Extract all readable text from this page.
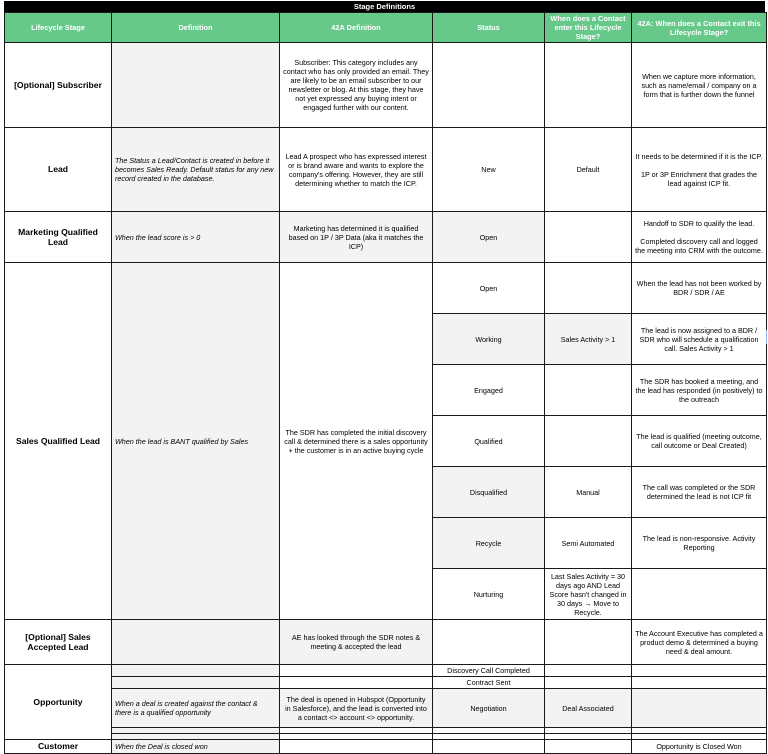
Stage Definitions
Lifecycle Stage	Definition	42A Definition	Status	When does a Contact enter this Lifecycle Stage?	42A: When does a Contact exit this Lifecycle Stage?
[Optional] Subscriber		Subscriber: This category includes any contact who has only provided an email. They are likely to be an email subscriber to our newsletter or blog. At this stage, they have not yet expressed any buying intent or engaged further with our content.			When we capture more information, such as name/email / company on a form that is further down the funnel
Lead	The Status a Lead/Contact is created in before it becomes Sales Ready. Default status for any new record created in the database.	Lead A prospect who has expressed interest or is brand aware and wants to explore the company's offering. However, they are still determining whether to match the ICP.	New	Default	It needs to be determined if it is the ICP.
1P or 3P Enrichment that grades the lead against ICP fit.

Marketing Qualified Lead	When the lead score is > 0	Marketing has determined it is qualified based on 1P / 3P Data (aka it matches the ICP)	Open		Handoff to SDR to qualify the lead.
Completed discovery call and logged the meeting into CRM with the outcome.

Sales Qualified Lead	When the lead is BANT qualified by Sales	The SDR has completed the initial discovery call & determined there is a sales opportunity + the customer is in an active buying cycle	Open		When the lead has not been worked by BDR / SDR / AE
			Working	Sales Activity > 1	The lead is now assigned to a BDR / SDR who will schedule a qualification call. Sales Activity > 1
			Engaged		The SDR has booked a meeting, and the lead has responded (in positively) to the outreach
			Qualified		The lead is qualified (meeting outcome, call outcome or Deal Created)
			Disqualified	Manual	The call was completed or the SDR determined the lead is not ICP fit
			Recycle	Semi Automated	The lead is non-responsive. Activity Reporting
			Nurturing	Last Sales Activity = 30 days ago AND Lead Score hasn't changed in 30 days → Move to Recycle.	
[Optional] Sales Accepted Lead		AE has looked through the SDR notes & meeting & accepted the lead			The Account Executive has completed a product demo & determined a buying need & deal amount.
Opportunity			Discovery Call Completed		
			Contract Sent		
	When a deal is created against the contact & there is a qualified opportunity	The deal is opened in Hubspot (Opportunity in Salesforce), and the lead is converted into a contact <> account <> opportunity.	Negotiation	Deal Associated	

Customer	When the Deal is closed won				Opportunity is Closed Won
